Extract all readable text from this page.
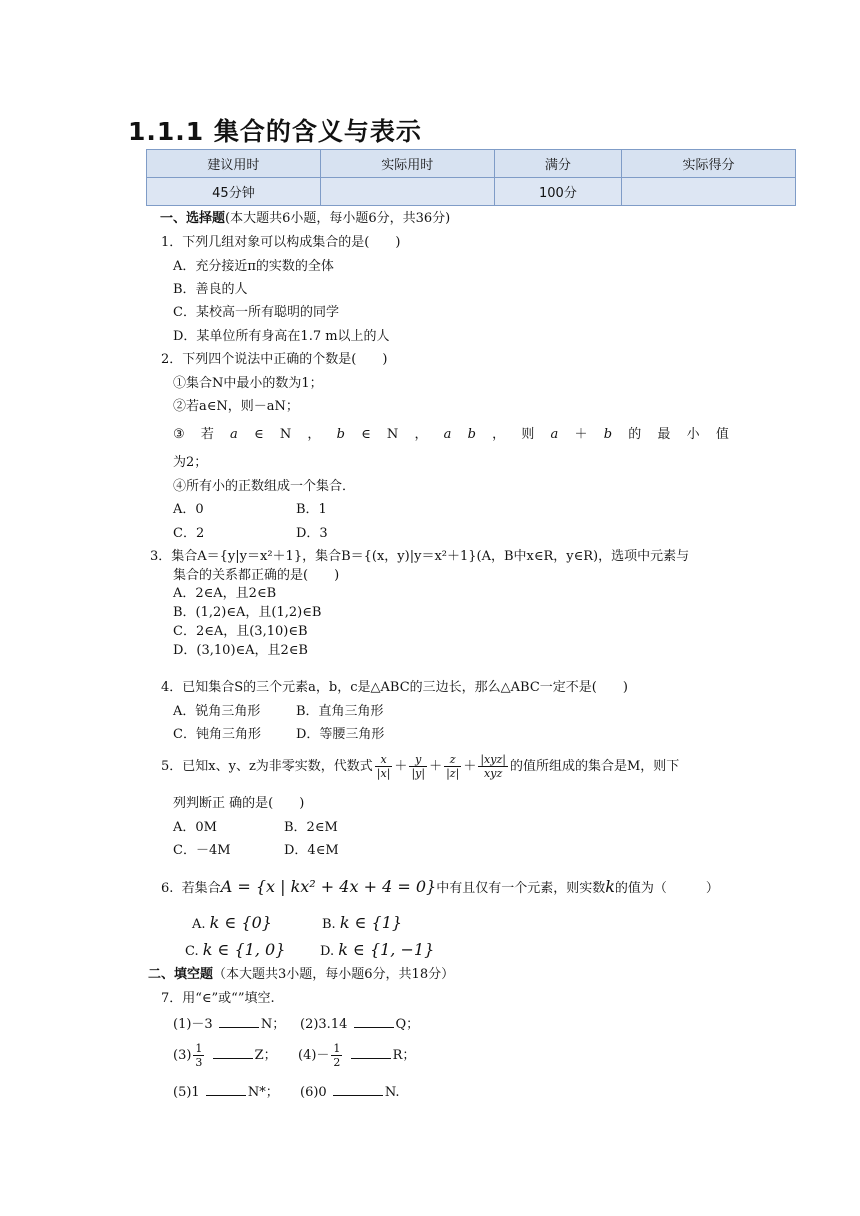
1.1.1 集合的含义与表示
建议用时	实际用时	满分	实际得分
45分钟		100分	
一、选择题(本大题共6小题，每小题6分，共36分)
1．下列几组对象可以构成集合的是(　　)
A．充分接近π的实数的全体
B．善良的人
C．某校高一所有聪明的同学
D．某单位所有身高在1.7 m以上的人
2．下列四个说法中正确的个数是(　　)
①集合N中最小的数为1；
②若a∈N，则－aN；
③ 若 a ∈ N ， b ∈ N ， a b ， 则 a ＋ b 的 最 小 值
为2；
④所有小的正数组成一个集合．
A．0	B．1
C．2	D．3
3．集合A＝{y|y＝x²＋1}，集合B＝{(x，y)|y＝x²＋1}(A，B中x∈R，y∈R)，选项中元素与
集合的关系都正确的是(　　)
A．2∈A，且2∈B
B．(1,2)∈A，且(1,2)∈B
C．2∈A，且(3,10)∈B
D．(3,10)∈A，且2∈B
4．已知集合S的三个元素a，b，c是△ABC的三边长，那么△ABC一定不是(　　)
A．锐角三角形	B．直角三角形
C．钝角三角形	D．等腰三角形
5．已知x、y、z为非零实数，代数式 $\frac{x}{|x|} + \frac{y}{|y|} + \frac{z}{|z|} + \frac{\text{|xyz|}}{\text{xyz}}$ 的值所组成的集合是M，则下
列判断正 确的是(　　)
A．0M	B．2∈M
C．－4M	D．4∈M
6. 若集合A = {x | kx² + 4x + 4 = 0}中有且仅有一个元素，则实数k的值为（　　　）
A. k ∈ {0}	B. k ∈ {1}
C. k ∈ {1, 0}	D. k ∈ {1, −1}
二、填空题（本大题共3小题，每小题6分，共18分）
7．用“∈”或“”填空.
(1)－3	N； (2)3.14	Q；
$(3) \frac{1}{3}$	Z； $(4)- \frac{1}{2}$	R；
(5)1	N*； (6)0	N.
